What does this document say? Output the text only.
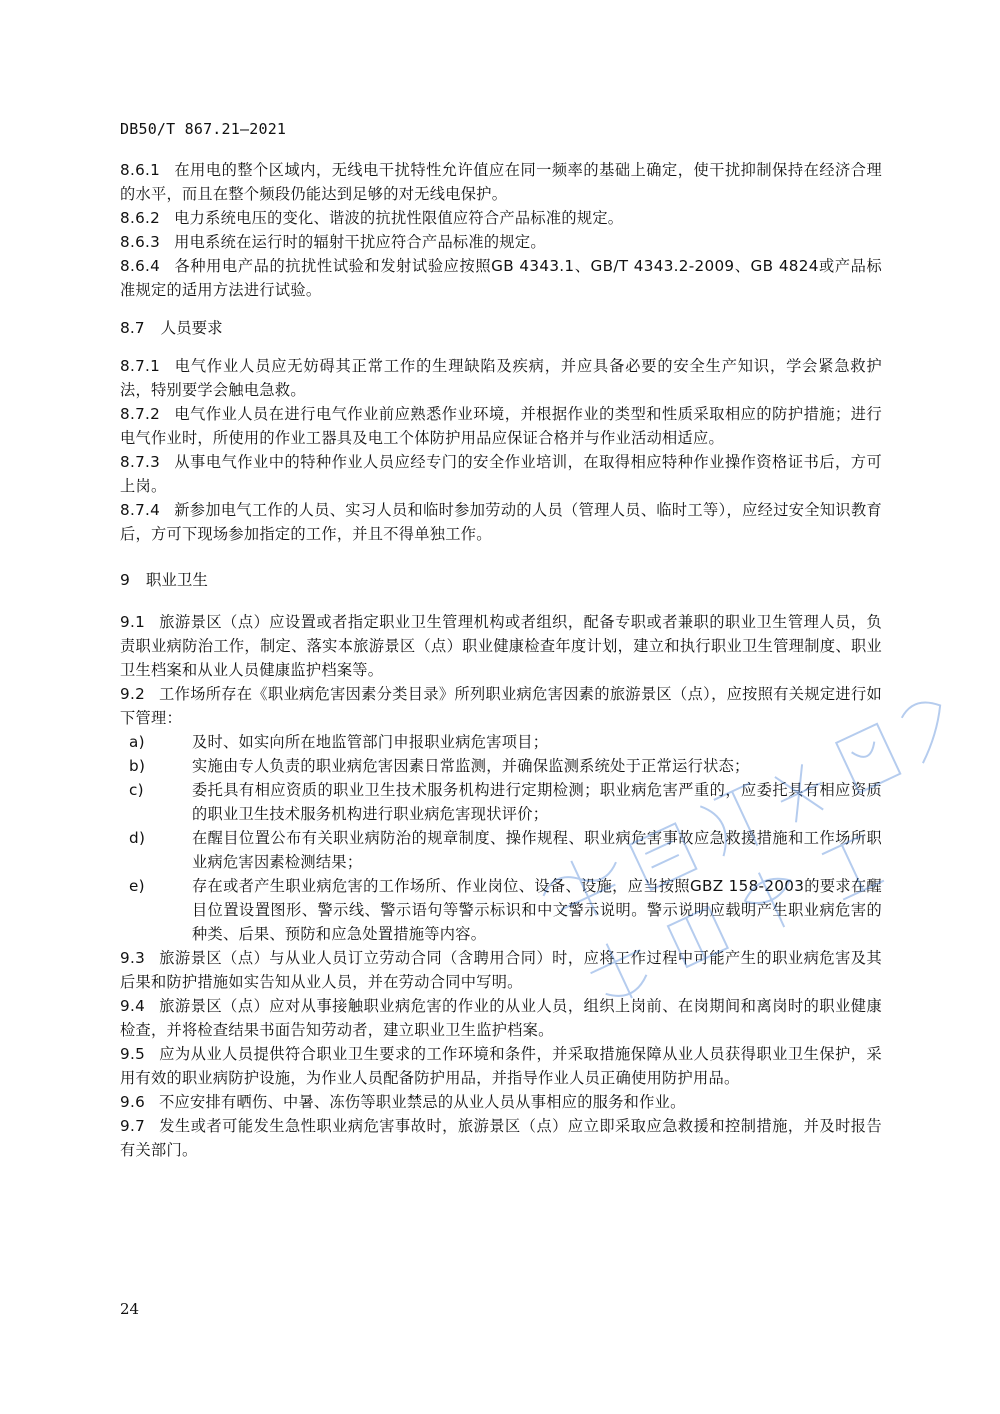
DB50/T 867.21—2021

8.6.1 在用电的整个区域内，无线电干扰特性允许值应在同一频率的基础上确定，使干扰抑制保持在经济合理的水平，而且在整个频段仍能达到足够的对无线电保护。

8.6.2 电力系统电压的变化、谐波的抗扰性限值应符合产品标准的规定。

8.6.3 用电系统在运行时的辐射干扰应符合产品标准的规定。

8.6.4 各种用电产品的抗扰性试验和发射试验应按照GB 4343.1、GB/T 4343.2-2009、GB 4824或产品标准规定的适用方法进行试验。

8.7 人员要求

8.7.1 电气作业人员应无妨碍其正常工作的生理缺陷及疾病，并应具备必要的安全生产知识，学会紧急救护法，特别要学会触电急救。

8.7.2 电气作业人员在进行电气作业前应熟悉作业环境，并根据作业的类型和性质采取相应的防护措施；进行电气作业时，所使用的作业工器具及电工个体防护用品应保证合格并与作业活动相适应。

8.7.3 从事电气作业中的特种作业人员应经专门的安全作业培训，在取得相应特种作业操作资格证书后，方可上岗。

8.7.4 新参加电气工作的人员、实习人员和临时参加劳动的人员（管理人员、临时工等），应经过安全知识教育后，方可下现场参加指定的工作，并且不得单独工作。

9 职业卫生

9.1 旅游景区（点）应设置或者指定职业卫生管理机构或者组织，配备专职或者兼职的职业卫生管理人员，负责职业病防治工作，制定、落实本旅游景区（点）职业健康检查年度计划，建立和执行职业卫生管理制度、职业卫生档案和从业人员健康监护档案等。

9.2 工作场所存在《职业病危害因素分类目录》所列职业病危害因素的旅游景区（点），应按照有关规定进行如下管理：

a)	及时、如实向所在地监管部门申报职业病危害项目；
b)	实施由专人负责的职业病危害因素日常监测，并确保监测系统处于正常运行状态；
c)	委托具有相应资质的职业卫生技术服务机构进行定期检测；职业病危害严重的，应委托具有相应资质的职业卫生技术服务机构进行职业病危害现状评价；
d)	在醒目位置公布有关职业病防治的规章制度、操作规程、职业病危害事故应急救援措施和工作场所职业病危害因素检测结果；
e)	存在或者产生职业病危害的工作场所、作业岗位、设备、设施，应当按照GBZ 158-2003的要求在醒目位置设置图形、警示线、警示语句等警示标识和中文警示说明。警示说明应载明产生职业病危害的种类、后果、预防和应急处置措施等内容。

9.3 旅游景区（点）与从业人员订立劳动合同（含聘用合同）时，应将工作过程中可能产生的职业病危害及其后果和防护措施如实告知从业人员，并在劳动合同中写明。

9.4 旅游景区（点）应对从事接触职业病危害的作业的从业人员，组织上岗前、在岗期间和离岗时的职业健康检查，并将检查结果书面告知劳动者，建立职业卫生监护档案。

9.5 应为从业人员提供符合职业卫生要求的工作环境和条件，并采取措施保障从业人员获得职业卫生保护，采用有效的职业病防护设施，为作业人员配备防护用品，并指导作业人员正确使用防护用品。

9.6 不应安排有晒伤、中暑、冻伤等职业禁忌的从业人员从事相应的服务和作业。

9.7 发生或者可能发生急性职业病危害事故时，旅游景区（点）应立即采取应急救援和控制措施，并及时报告有关部门。

24
